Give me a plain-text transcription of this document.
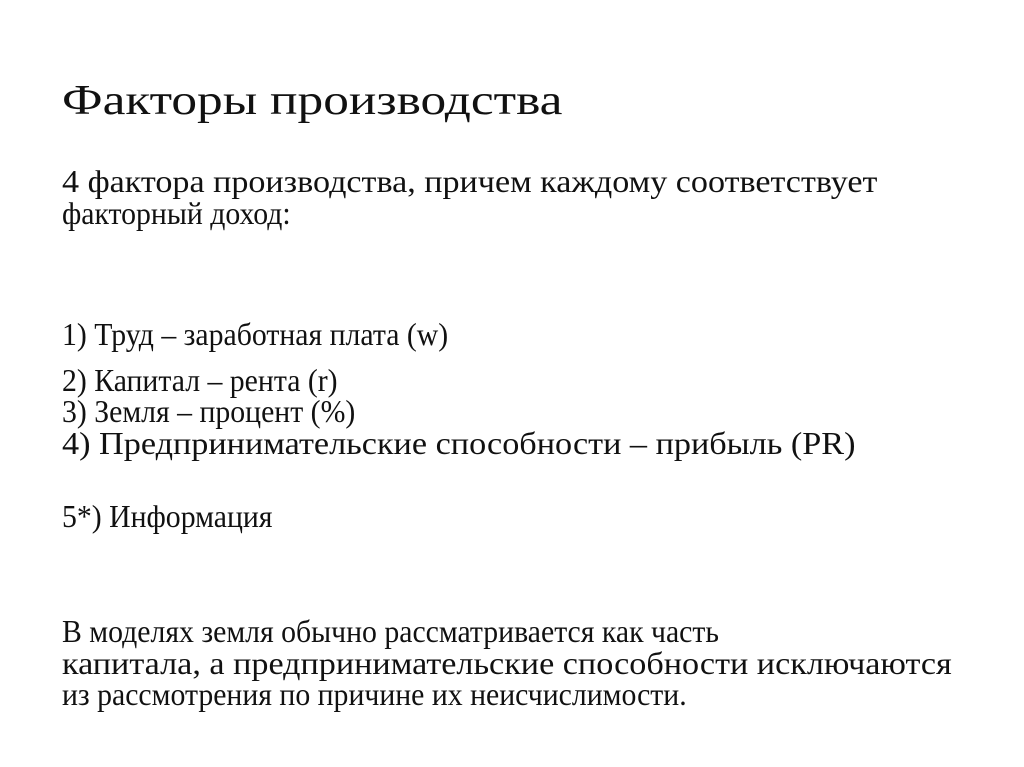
Факторы производства
4 фактора производства, причем каждому соответствует
факторный доход:
1) Труд – заработная плата (w)
2) Капитал – рента (r)
3) Земля – процент (%)
4) Предпринимательские способности – прибыль (PR)
5*) Информация
В моделях земля обычно рассматривается как часть
капитала, а предпринимательские способности исключаются
из рассмотрения по причине их неисчислимости.
